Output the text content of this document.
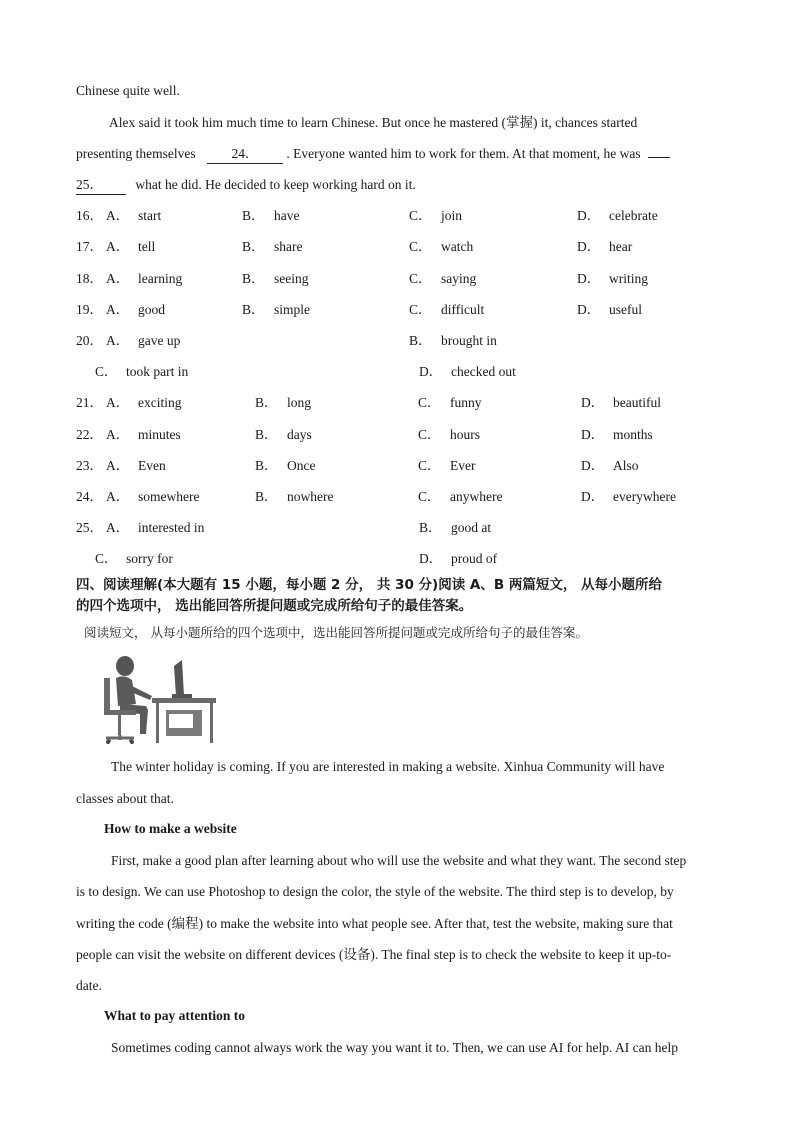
Chinese quite well.
Alex said it took him much time to learn Chinese. But once he mastered (掌握) it, chances started
presenting themselves	24． . Everyone wanted him to work for them. At that moment, he was
25． what he did. He decided to keep working hard on it.
16． A． start	B． have	C． join	D． celebrate
17． A． tell	B． share	C． watch	D． hear
18． A． learning	B． seeing	C． saying	D． writing
19． A． good	B． simple	C． difficult	D． useful
20． A． gave up	B． brought in
C． took part in	D． checked out
21． A． exciting	B． long	C． funny	D． beautiful
22． A． minutes	B． days	C． hours	D． months
23． A． Even	B． Once	C． Ever	D． Also
24． A． somewhere	B． nowhere	C． anywhere	D． everywhere
25． A． interested in	B． good at
C． sorry for	D． proud of
四、阅读理解(本大题有 15 小题，每小题 2 分， 共 30 分)阅读 A、B 两篇短文， 从每小题所给
的四个选项中， 选出能回答所提问题或完成所给句子的最佳答案。
阅读短文， 从每小题所给的四个选项中，选出能回答所提问题或完成所给句子的最佳答案。
The winter holiday is coming. If you are interested in making a website. Xinhua Community will have
classes about that.
How to make a website
First, make a good plan after learning about who will use the website and what they want. The second step
is to design. We can use Photoshop to design the color, the style of the website. The third step is to develop, by
writing the code (编程) to make the website into what people see. After that, test the website, making sure that
people can visit the website on different devices (设备). The final step is to check the website to keep it up-to-
date.
What to pay attention to
Sometimes coding cannot always work the way you want it to. Then, we can use AI for help. AI can help
